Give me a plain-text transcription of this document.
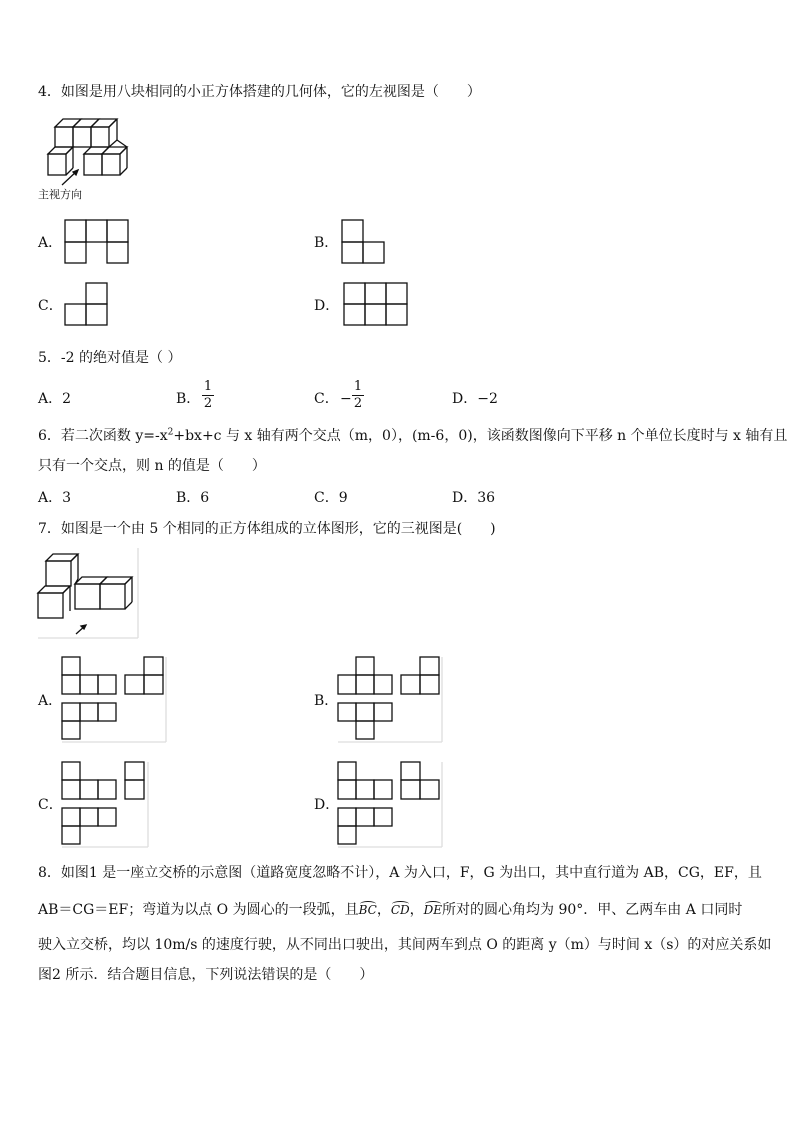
4．如图是用八块相同的小正方体搭建的几何体，它的左视图是（　　）
主视方向
A．	B．
C．	D．
5．-2 的绝对值是（ ）
A．2	B．
1
2	C． −
1
2	D．−2
6．若二次函数 $y=-x^2+bx+c$ 与 x 轴有两个交点（m，0），(m-6，0)，该函数图像向下平移 n 个单位长度时与 x 轴有且
只有一个交点，则 n 的值是（　　）
A．3	B．6	C．9	D．36
7．如图是一个由 5 个相同的正方体组成的立体图形，它的三视图是(　　)
A．	B．
C．	D．
8．如图1 是一座立交桥的示意图（道路宽度忽略不计），A 为入口，F，G 为出口，其中直行道为 AB，CG，EF，且
AB＝CG＝EF；弯道为以点 O 为圆心的一段弧，且BC，CD，DE所对的圆心角均为 90°．甲、乙两车由 A 口同时
驶入立交桥，均以 10m/s 的速度行驶，从不同出口驶出，其间两车到点 O 的距离 y（m）与时间 x（s）的对应关系如
图2 所示．结合题目信息，下列说法错误的是（　　）
